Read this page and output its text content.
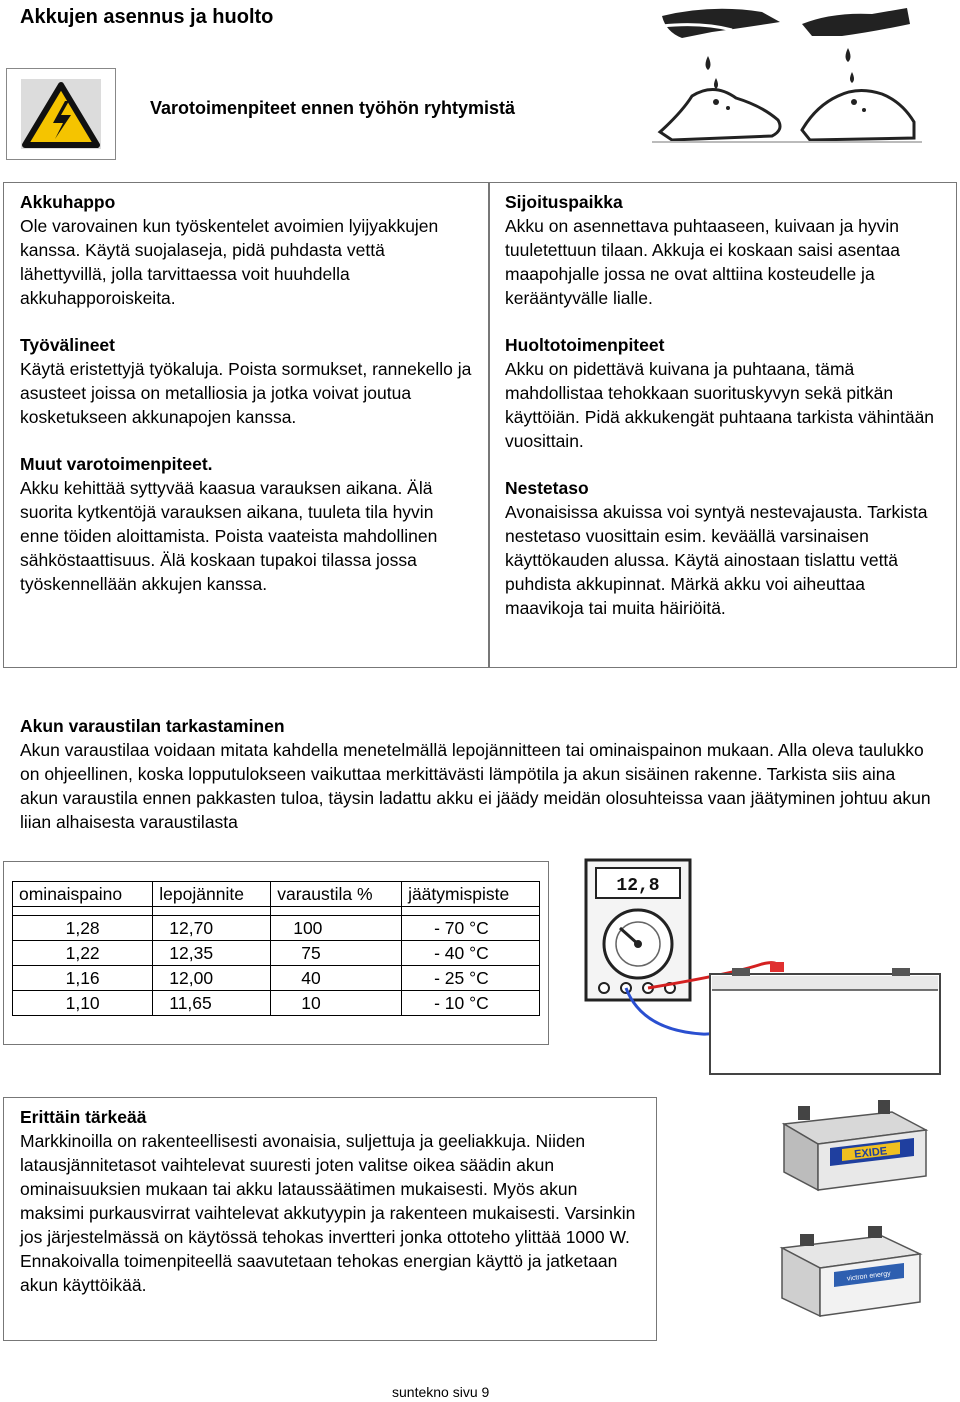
Akkujen asennus ja huolto
Varotoimenpiteet ennen työhön ryhtymistä

Akkuhappo

Ole varovainen kun työskentelet avoimien lyijyakkujen kanssa. Käytä suojalaseja, pidä puhdasta vettä lähettyvillä, jolla tarvittaessa voit huuhdella akkuhapporoiskeita.

Työvälineet

Käytä eristettyjä työkaluja. Poista sormukset, rannekello ja asusteet joissa on metalliosia ja jotka voivat joutua kosketukseen akkunapojen kanssa.

Muut varotoimenpiteet.

Akku kehittää syttyvää kaasua varauksen aikana. Älä suorita kytkentöjä varauksen aikana, tuuleta tila hyvin enne töiden aloittamista. Poista vaateista mahdollinen sähköstaattisuus. Älä koskaan tupakoi tilassa jossa työskennellään akkujen kanssa.

Sijoituspaikka

Akku on asennettava puhtaaseen, kuivaan ja hyvin tuuletettuun tilaan. Akkuja ei koskaan saisi asentaa maapohjalle jossa ne ovat alttiina kosteudelle ja kerääntyvälle lialle.

Huoltotoimenpiteet

Akku on pidettävä kuivana ja puhtaana, tämä mahdollistaa tehokkaan suorituskyvyn sekä pitkän käyttöiän. Pidä akkukengät puhtaana tarkista vähintään vuosittain.

Nestetaso

Avonaisissa akuissa voi syntyä nestevajausta. Tarkista nestetaso vuosittain esim. keväällä varsinaisen käyttökauden alussa. Käytä ainostaan tislattu vettä puhdista akkupinnat. Märkä akku voi aiheuttaa maavikoja tai muita häiriöitä.

Akun varaustilan tarkastaminen

Akun varaustilaa voidaan mitata kahdella menetelmällä lepojännitteen tai ominaispainon mukaan. Alla oleva taulukko on ohjeellinen, koska lopputulokseen vaikuttaa merkittävästi lämpötila ja akun sisäinen rakenne. Tarkista siis aina akun varaustila ennen pakkasten tuloa, täysin ladattu akku ei jäädy meidän olosuhteissa vaan jäätyminen johtuu akun liian alhaisesta varaustilasta

ominaispaino	lepojännite	varaustila %	jäätymispiste

1,28	12,70	100	- 70 °C
1,22	12,35	75	- 40 °C
1,16	12,00	40	- 25 °C
1,10	11,65	10	- 10 °C
12,8

Erittäin tärkeää

Markkinoilla on rakenteellisesti avonaisia, suljettuja ja geeliakkuja. Niiden latausjännitetasot vaihtelevat suuresti joten valitse oikea säädin akun ominaisuuksien mukaan tai akku lataussäätimen mukaisesti. Myös akun maksimi purkausvirrat vaihtelevat akkutyypin ja rakenteen mukaisesti. Varsinkin jos järjestelmässä on käytössä tehokas invertteri jonka ottoteho ylittää 1000 W. Ennakoivalla toimenpiteellä saavutetaan tehokas energian käyttö ja jatketaan akun käyttöikää.

EXIDE
victron energy
suntekno sivu 9
